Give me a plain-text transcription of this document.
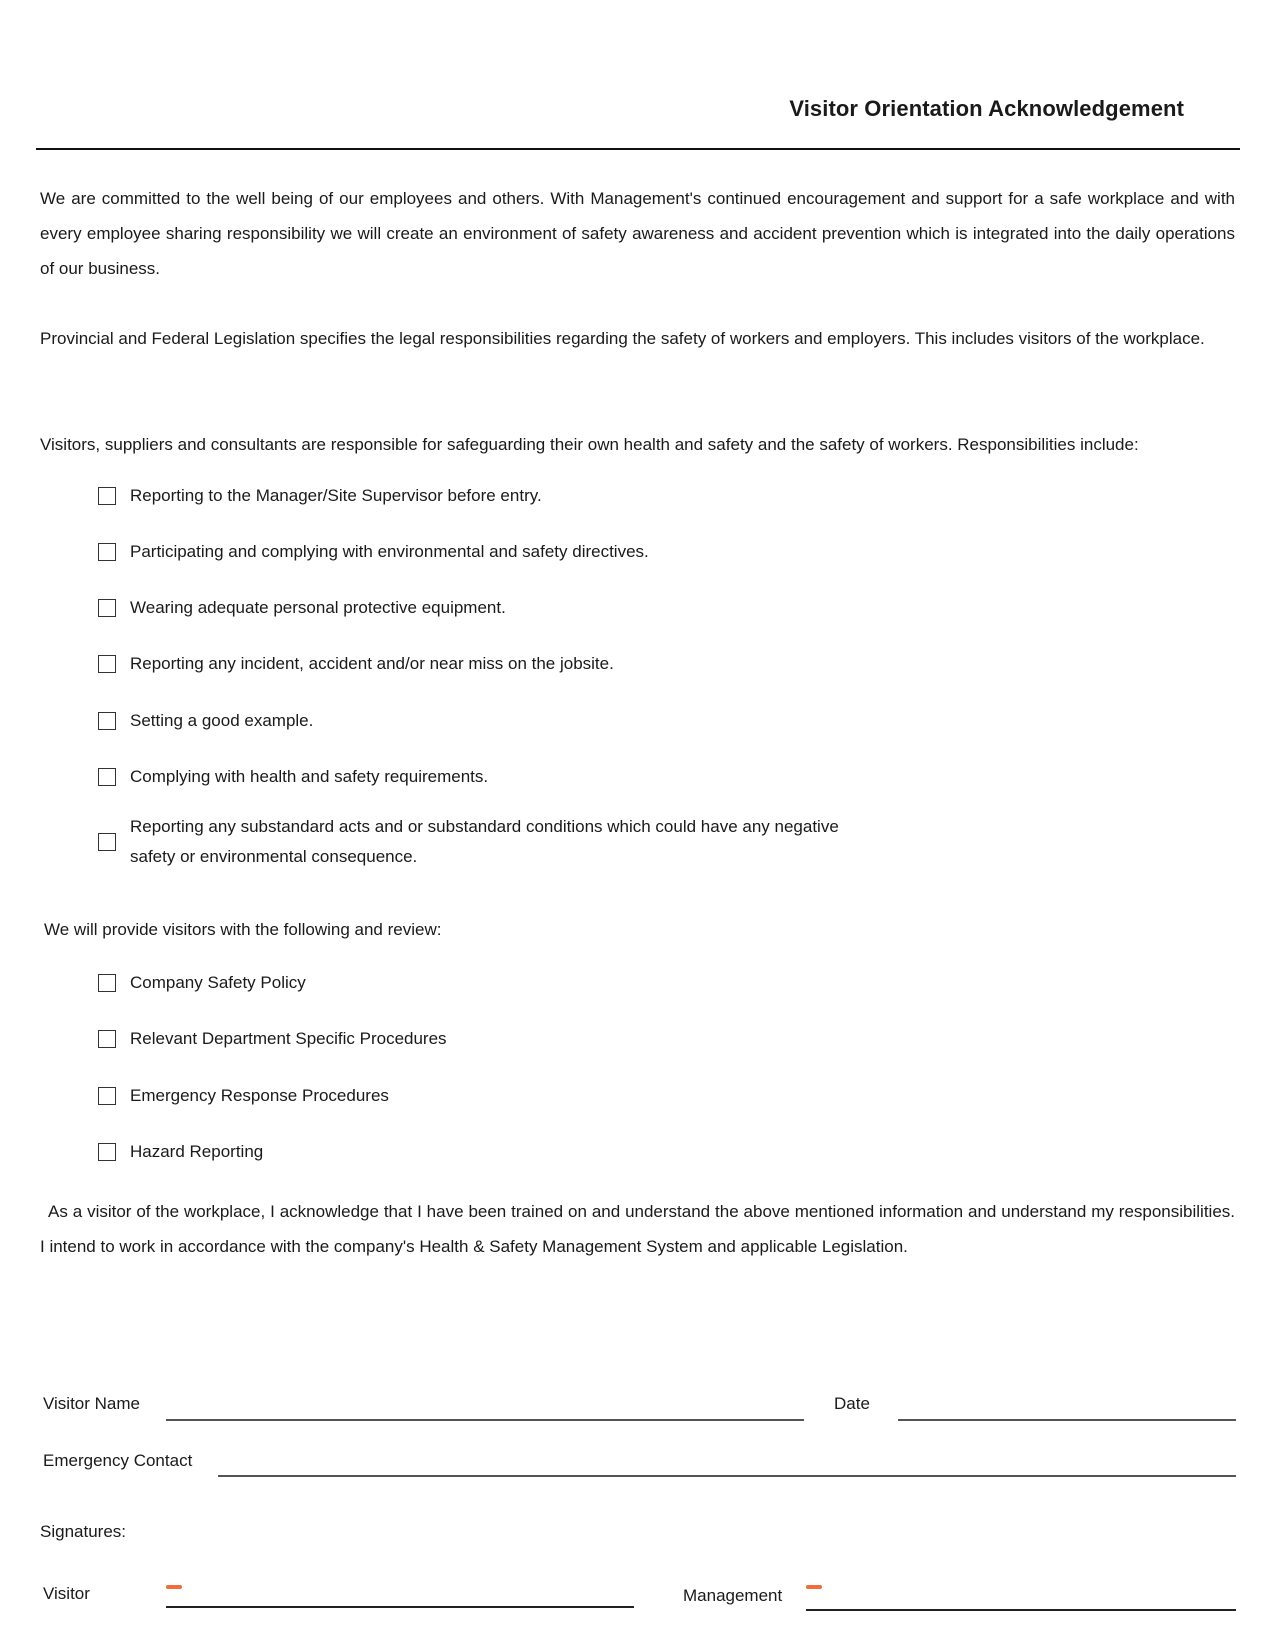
Visitor Orientation Acknowledgement
We are committed to the well being of our employees and others. With Management's continued encouragement and support for a safe workplace and with every employee sharing responsibility we will create an environment of safety awareness and accident prevention which is integrated into the daily operations of our business.
Provincial and Federal Legislation specifies the legal responsibilities regarding the safety of workers and employers. This includes visitors of the workplace.
Visitors, suppliers and consultants are responsible for safeguarding their own health and safety and the safety of workers. Responsibilities include:
Reporting to the Manager/Site Supervisor before entry.
Participating and complying with environmental and safety directives.
Wearing adequate personal protective equipment.
Reporting any incident, accident and/or near miss on the jobsite.
Setting a good example.
Complying with health and safety requirements.
Reporting any substandard acts and or substandard conditions which could have any negative safety or environmental consequence.
We will provide visitors with the following and review:
Company Safety Policy
Relevant Department Specific Procedures
Emergency Response Procedures
Hazard Reporting
As a visitor of the workplace, I acknowledge that I have been trained on and understand the above mentioned information and understand my responsibilities. I intend to work in accordance with the company's Health & Safety Management System and applicable Legislation.
Visitor Name	Date
Emergency Contact
Signatures:
Visitor	Management
